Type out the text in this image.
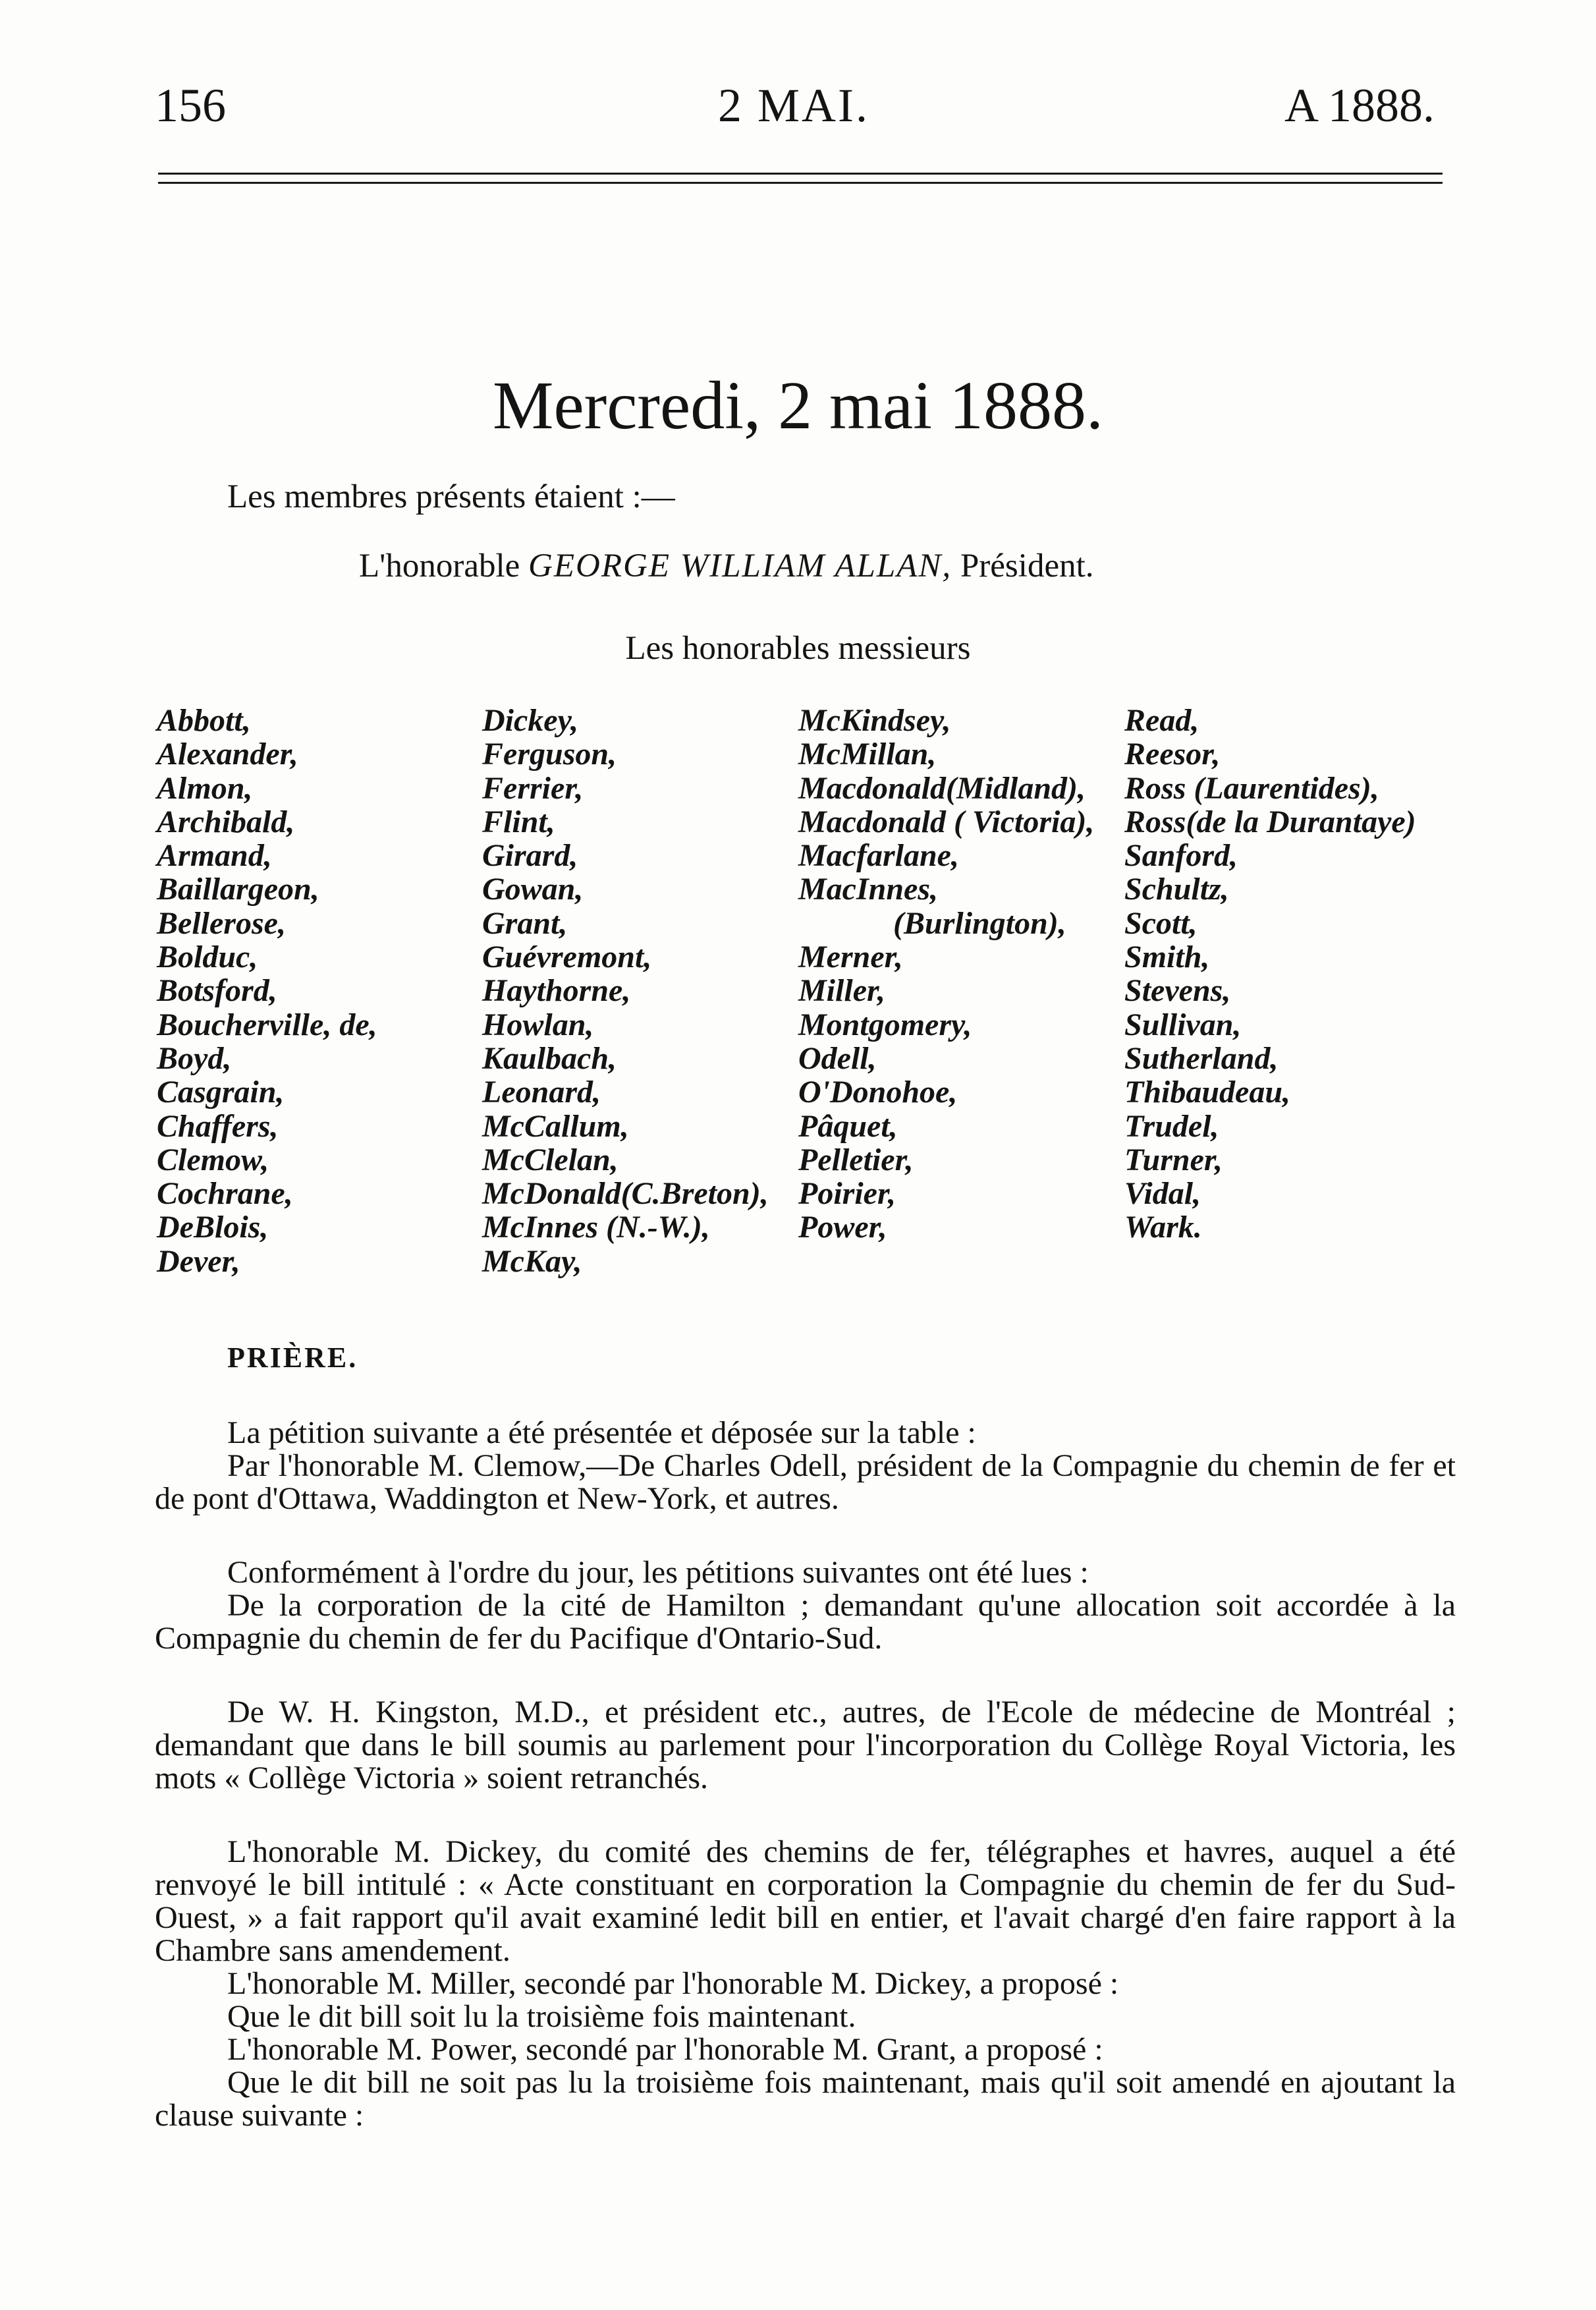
156	2 MAI.	A 1888.
Mercredi, 2 mai 1888.
Les membres présents étaient :—
L'honorable GEORGE WILLIAM ALLAN, Président.
Les honorables messieurs
Abbott,
Alexander,
Almon,
Archibald,
Armand,
Baillargeon,
Bellerose,
Bolduc,
Botsford,
Boucherville, de,
Boyd,
Casgrain,
Chaffers,
Clemow,
Cochrane,
DeBlois,
Dever,
Dickey,
Ferguson,
Ferrier,
Flint,
Girard,
Gowan,
Grant,
Guévremont,
Haythorne,
Howlan,
Kaulbach,
Leonard,
McCallum,
McClelan,
McDonald(C.Breton),
McInnes (N.-W.),
McKay,
McKindsey,
McMillan,
Macdonald(Midland),
Macdonald ( Victoria),
Macfarlane,
MacInnes,
(Burlington),
Merner,
Miller,
Montgomery,
Odell,
O'Donohoe,
Pâquet,
Pelletier,
Poirier,
Power,
Read,
Reesor,
Ross (Laurentides),
Ross(de la Durantaye)
Sanford,
Schultz,
Scott,
Smith,
Stevens,
Sullivan,
Sutherland,
Thibaudeau,
Trudel,
Turner,
Vidal,
Wark.
PRIÈRE.

La pétition suivante a été présentée et déposée sur la table :

Par l'honorable M. Clemow,—De Charles Odell, président de la Compagnie du chemin de fer et de pont d'Ottawa, Waddington et New-York, et autres.

Conformément à l'ordre du jour, les pétitions suivantes ont été lues :

De la corporation de la cité de Hamilton ; demandant qu'une allocation soit accordée à la Compagnie du chemin de fer du Pacifique d'Ontario-Sud.

De W. H. Kingston, M.D., et président etc., autres, de l'Ecole de médecine de Montréal ; demandant que dans le bill soumis au parlement pour l'incorporation du Collège Royal Victoria, les mots « Collège Victoria » soient retranchés.

L'honorable M. Dickey, du comité des chemins de fer, télégraphes et havres, auquel a été renvoyé le bill intitulé : « Acte constituant en corporation la Compagnie du chemin de fer du Sud-Ouest, » a fait rapport qu'il avait examiné ledit bill en entier, et l'avait chargé d'en faire rapport à la Chambre sans amendement.

L'honorable M. Miller, secondé par l'honorable M. Dickey, a proposé :

Que le dit bill soit lu la troisième fois maintenant.

L'honorable M. Power, secondé par l'honorable M. Grant, a proposé :

Que le dit bill ne soit pas lu la troisième fois maintenant, mais qu'il soit amendé en ajoutant la clause suivante :
